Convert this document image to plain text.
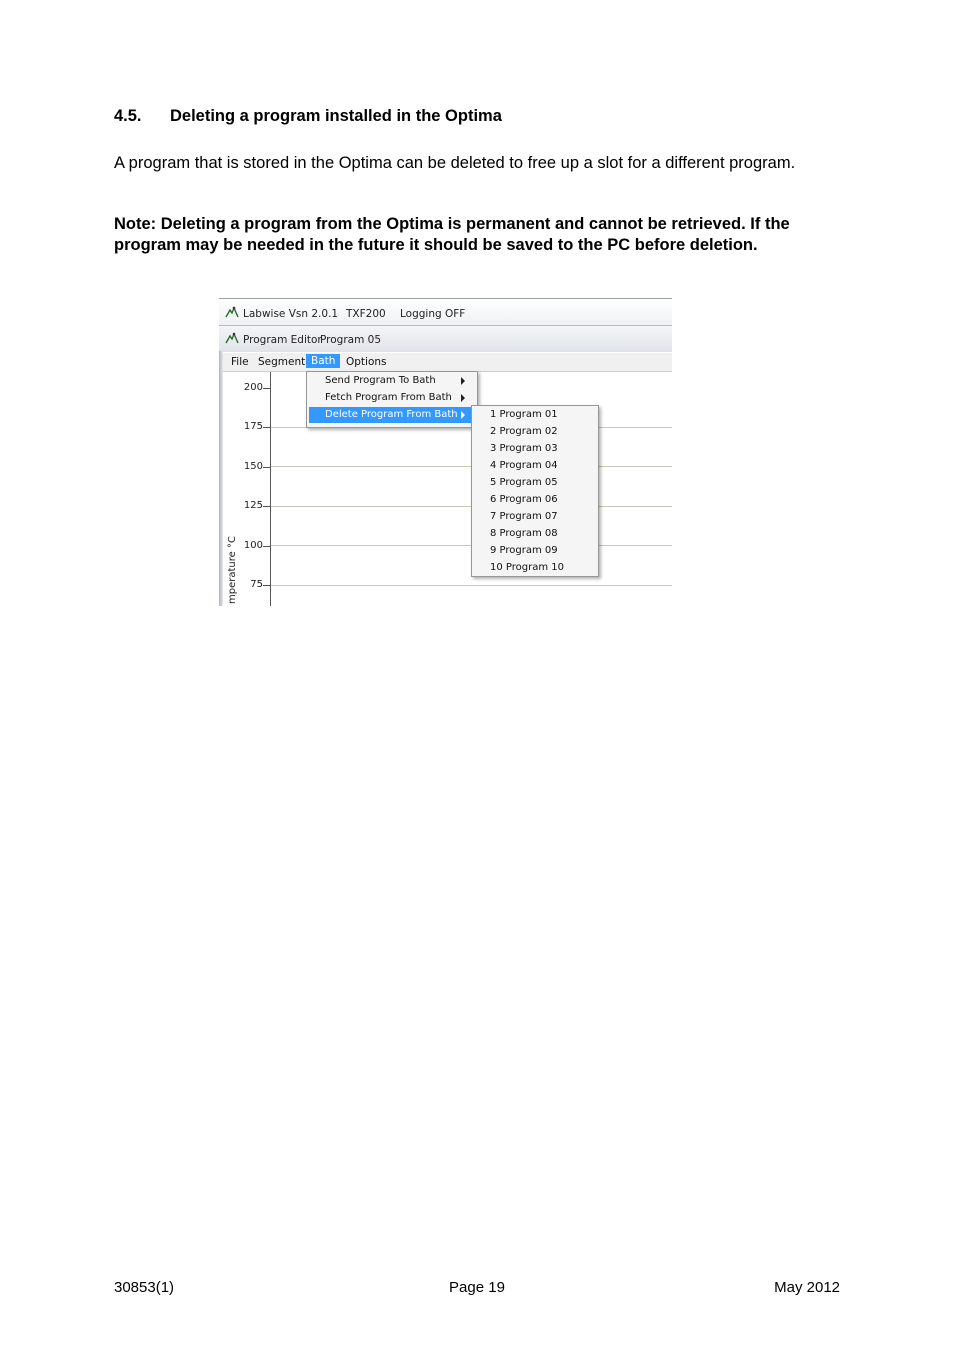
4.5. Deleting a program installed in the Optima
A program that is stored in the Optima can be deleted to free up a slot for a different program.
Note: Deleting a program from the Optima is permanent and cannot be retrieved. If the program may be needed in the future it should be saved to the PC before deletion.
Labwise Vsn 2.0.1 TXF200 Logging OFF
Program Editor
Program 05
File Segment Bath	Options
200
175
150
125
100
75
mperature °C
Send Program To Bath
Fetch Program From Bath
Delete Program From Bath	1 Program 01
2 Program 02
3 Program 03
4 Program 04
5 Program 05
6 Program 06
7 Program 07
8 Program 08
9 Program 09
10 Program 10
30853(1)	Page 19	May 2012
